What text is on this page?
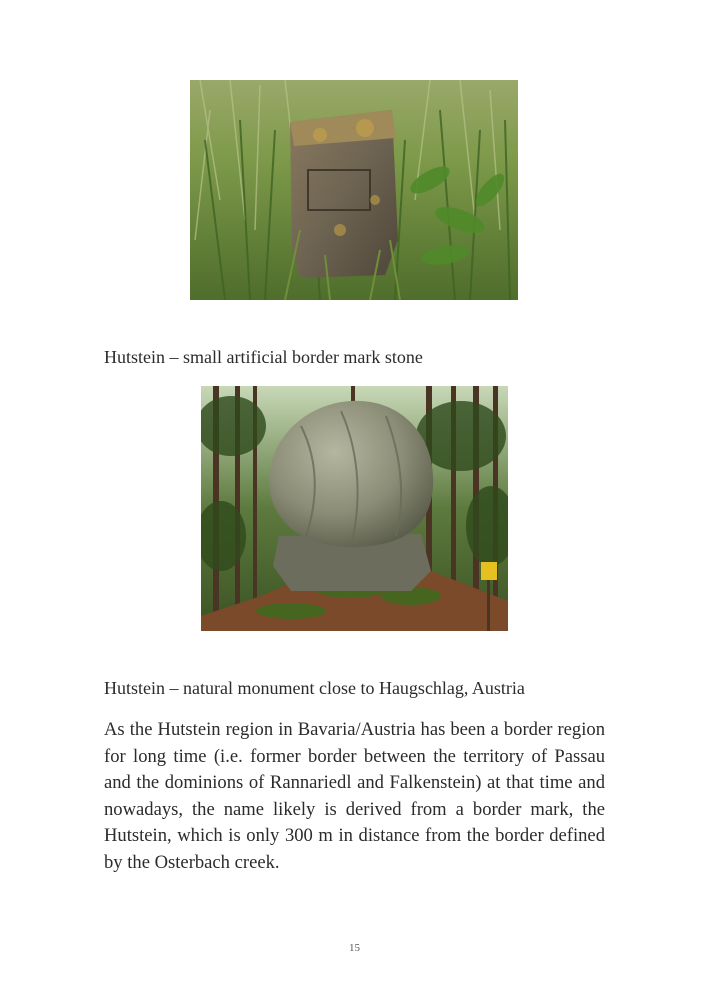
Hutstein – small artificial border mark stone
Hutstein – natural monument close to Haugschlag, Austria

As the Hutstein region in Bavaria/Austria has been a border region for long time (i.e. former border between the territory of Passau and the dominions of Rannariedl and Falkenstein) at that time and nowadays, the name likely is derived from a border mark, the Hutstein, which is only 300 m in distance from the border defined by the Osterbach creek.

15
